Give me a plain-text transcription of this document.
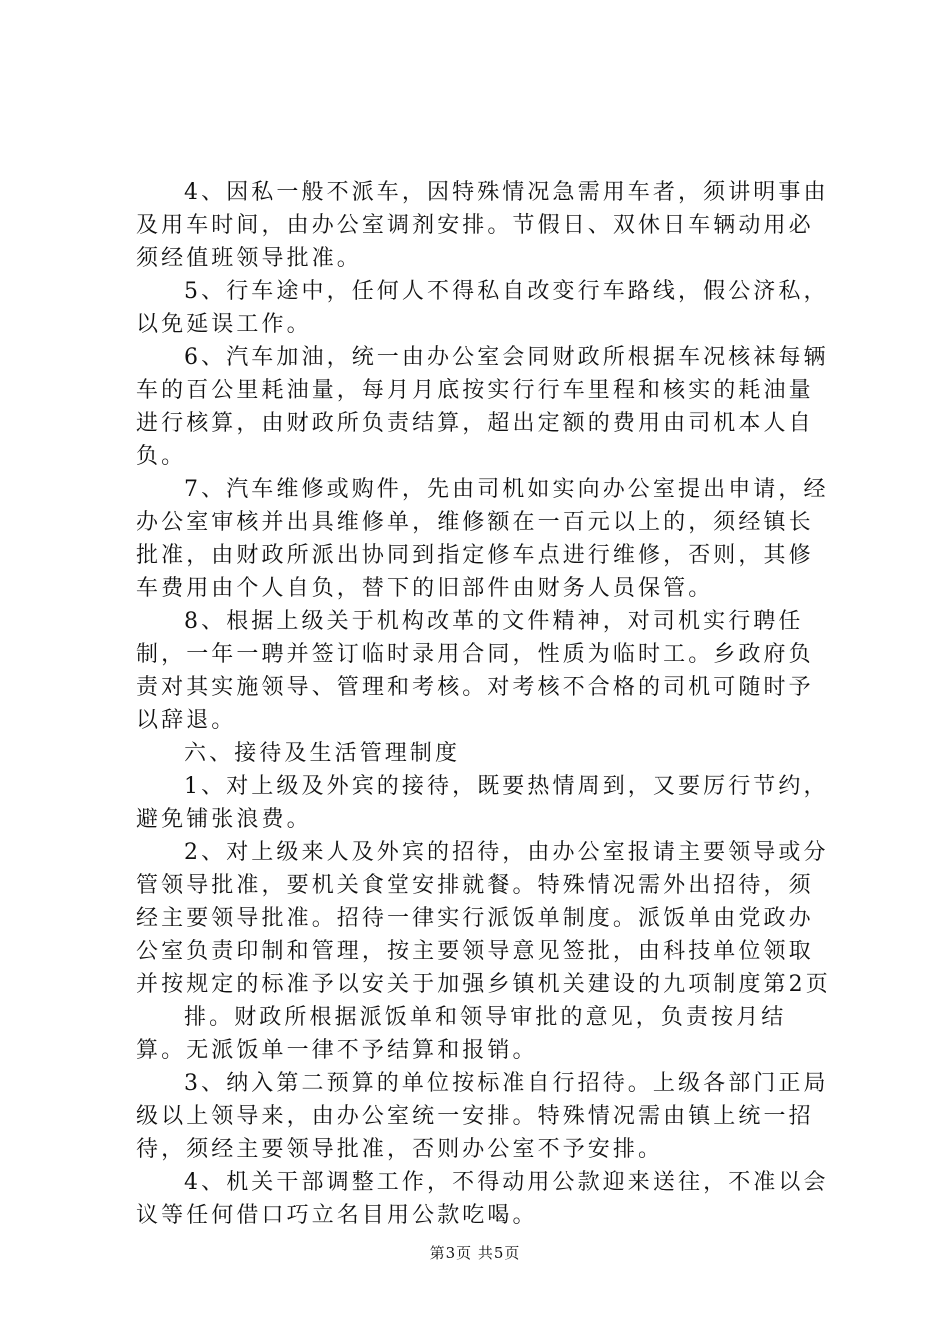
4、因私一般不派车，因特殊情况急需用车者，须讲明事由及用车时间，由办公室调剂安排。节假日、双休日车辆动用必须经值班领导批准。

5、行车途中，任何人不得私自改变行车路线，假公济私，以免延误工作。

6、汽车加油，统一由办公室会同财政所根据车况核袜每辆车的百公里耗油量，每月月底按实行行车里程和核实的耗油量进行核算，由财政所负责结算，超出定额的费用由司机本人自负。

7、汽车维修或购件，先由司机如实向办公室提出申请，经办公室审核并出具维修单，维修额在一百元以上的，须经镇长批准，由财政所派出协同到指定修车点进行维修，否则，其修车费用由个人自负，替下的旧部件由财务人员保管。

8、根据上级关于机构改革的文件精神，对司机实行聘任制，一年一聘并签订临时录用合同，性质为临时工。乡政府负责对其实施领导、管理和考核。对考核不合格的司机可随时予以辞退。

六、接待及生活管理制度

1、对上级及外宾的接待，既要热情周到，又要厉行节约，避免铺张浪费。

2、对上级来人及外宾的招待，由办公室报请主要领导或分管领导批准，要机关食堂安排就餐。特殊情况需外出招待，须经主要领导批准。招待一律实行派饭单制度。派饭单由党政办公室负责印制和管理，按主要领导意见签批，由科技单位领取并按规定的标准予以安关于加强乡镇机关建设的九项制度第2页

排。财政所根据派饭单和领导审批的意见，负责按月结算。无派饭单一律不予结算和报销。

3、纳入第二预算的单位按标准自行招待。上级各部门正局级以上领导来，由办公室统一安排。特殊情况需由镇上统一招待，须经主要领导批准，否则办公室不予安排。

4、机关干部调整工作，不得动用公款迎来送往，不准以会议等任何借口巧立名目用公款吃喝。

第3页 共5页
